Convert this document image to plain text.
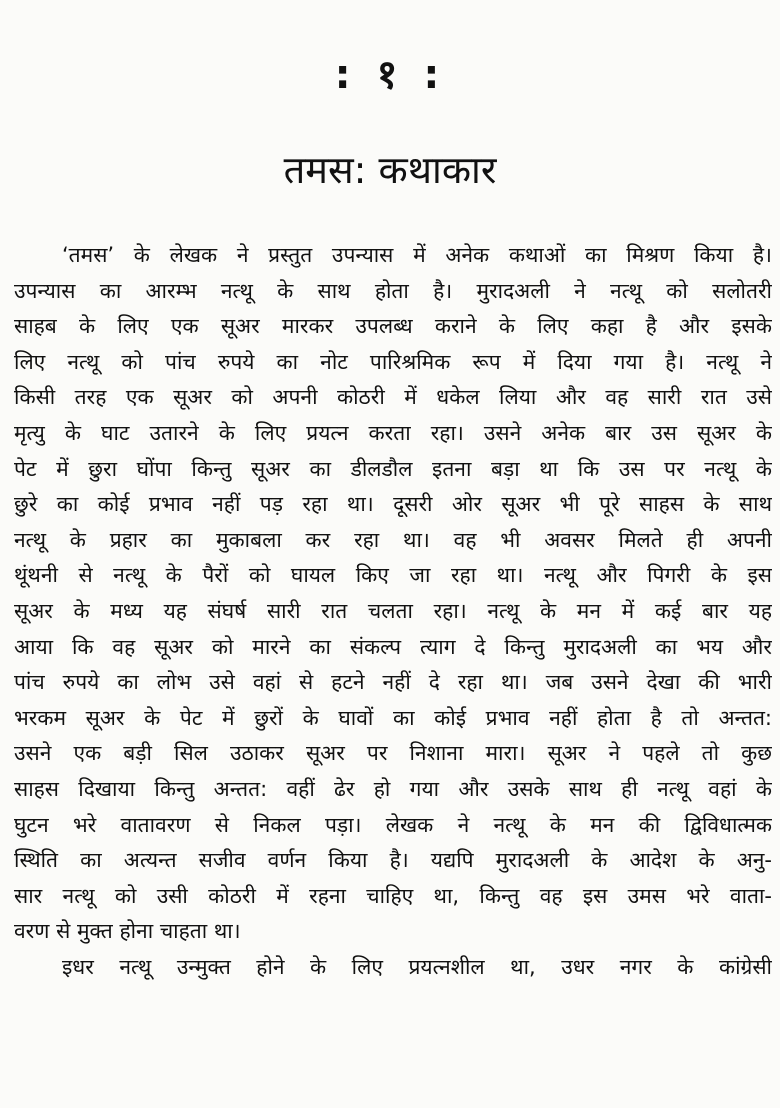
: १ :
तमस: कथाकार
‘तमस’ के लेखक ने प्रस्तुत उपन्यास में अनेक कथाओं का मिश्रण किया है।
उपन्यास का आरम्भ नत्थू के साथ होता है। मुरादअली ने नत्थू को सलोतरी
साहब के लिए एक सूअर मारकर उपलब्ध कराने के लिए कहा है और इसके
लिए नत्थू को पांच रुपये का नोट पारिश्रमिक रूप में दिया गया है। नत्थू ने
किसी तरह एक सूअर को अपनी कोठरी में धकेल लिया और वह सारी रात उसे
मृत्यु के घाट उतारने के लिए प्रयत्न करता रहा। उसने अनेक बार उस सूअर के
पेट में छुरा घोंपा किन्तु सूअर का डीलडौल इतना बड़ा था कि उस पर नत्थू के
छुरे का कोई प्रभाव नहीं पड़ रहा था। दूसरी ओर सूअर भी पूरे साहस के साथ
नत्थू के प्रहार का मुकाबला कर रहा था। वह भी अवसर मिलते ही अपनी
थूंथनी से नत्थू के पैरों को घायल किए जा रहा था। नत्थू और पिगरी के इस
सूअर के मध्य यह संघर्ष सारी रात चलता रहा। नत्थू के मन में कई बार यह
आया कि वह सूअर को मारने का संकल्प त्याग दे किन्तु मुरादअली का भय और
पांच रुपये का लोभ उसे वहां से हटने नहीं दे रहा था। जब उसने देखा की भारी
भरकम सूअर के पेट में छुरों के घावों का कोई प्रभाव नहीं होता है तो अन्तत:
उसने एक बड़ी सिल उठाकर सूअर पर निशाना मारा। सूअर ने पहले तो कुछ
साहस दिखाया किन्तु अन्तत: वहीं ढेर हो गया और उसके साथ ही नत्थू वहां के
घुटन भरे वातावरण से निकल पड़ा। लेखक ने नत्थू के मन की द्विविधात्मक
स्थिति का अत्यन्त सजीव वर्णन किया है। यद्यपि मुरादअली के आदेश के अनु-
सार नत्थू को उसी कोठरी में रहना चाहिए था, किन्तु वह इस उमस भरे वाता-
वरण से मुक्त होना चाहता था।
इधर नत्थू उन्मुक्त होने के लिए प्रयत्नशील था, उधर नगर के कांग्रेसी
